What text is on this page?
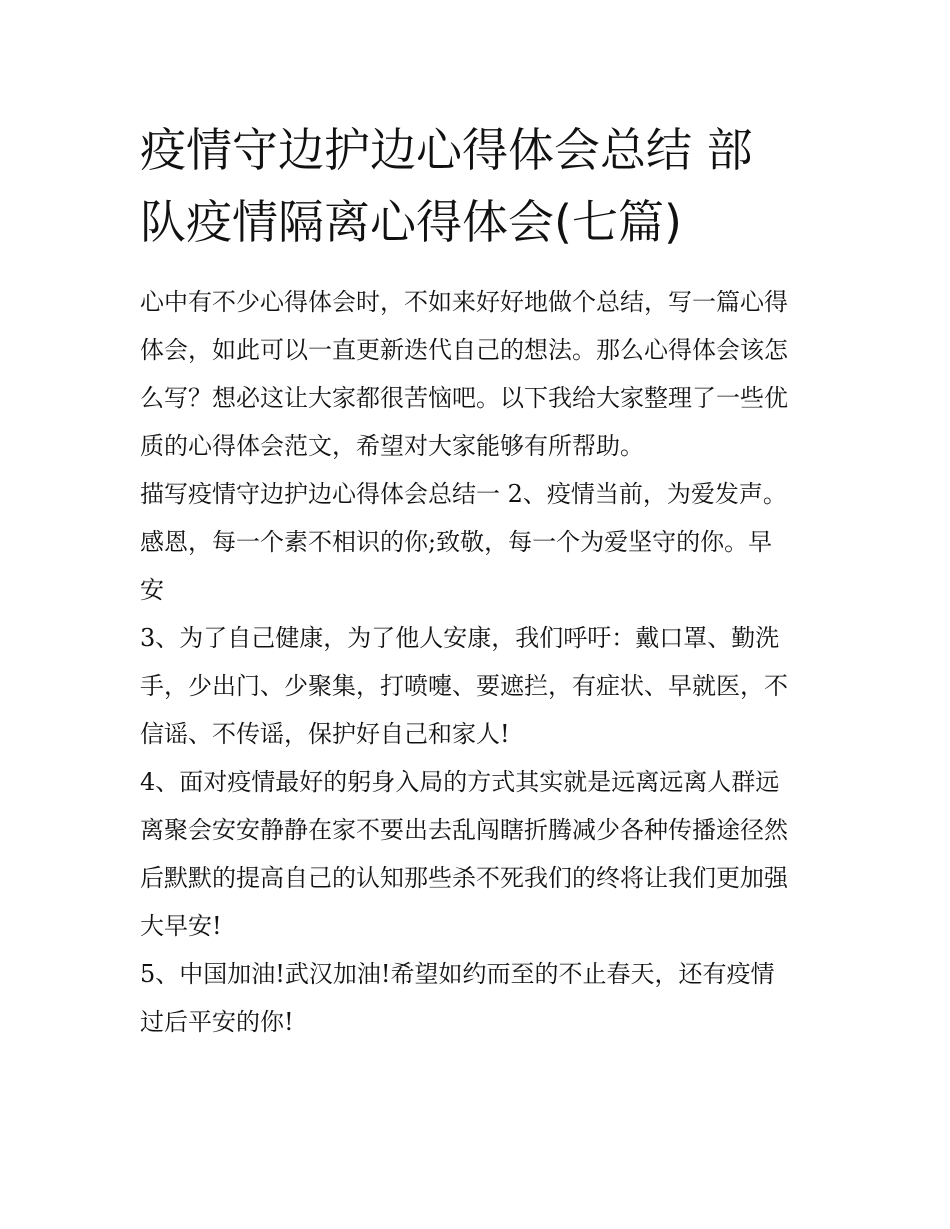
疫情守边护边心得体会总结 部
队疫情隔离心得体会(七篇)

心中有不少心得体会时，不如来好好地做个总结，写一篇心得
体会，如此可以一直更新迭代自己的想法。那么心得体会该怎
么写？想必这让大家都很苦恼吧。以下我给大家整理了一些优
质的心得体会范文，希望对大家能够有所帮助。

描写疫情守边护边心得体会总结一 2、疫情当前，为爱发声。
感恩，每一个素不相识的你;致敬，每一个为爱坚守的你。早
安

3、为了自己健康，为了他人安康，我们呼吁：戴口罩、勤洗
手，少出门、少聚集，打喷嚏、要遮拦，有症状、早就医，不
信谣、不传谣，保护好自己和家人!

4、面对疫情最好的躬身入局的方式其实就是远离远离人群远
离聚会安安静静在家不要出去乱闯瞎折腾减少各种传播途径然
后默默的提高自己的认知那些杀不死我们的终将让我们更加强
大早安!

5、中国加油!武汉加油!希望如约而至的不止春天，还有疫情
过后平安的你!
